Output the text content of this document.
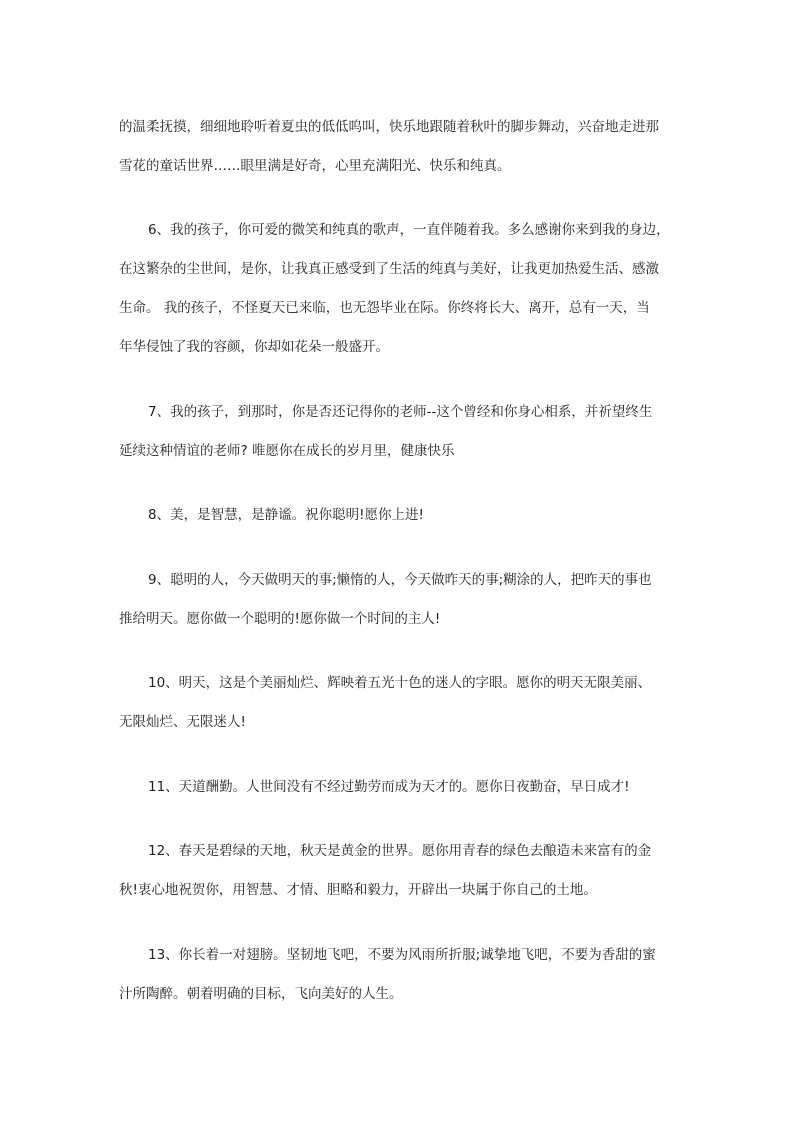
的温柔抚摸，细细地聆听着夏虫的低低呜叫，快乐地跟随着秋叶的脚步舞动，兴奋地走进那
雪花的童话世界……眼里满是好奇，心里充满阳光、快乐和纯真。
6、我的孩子，你可爱的微笑和纯真的歌声，一直伴随着我。多么感谢你来到我的身边，
在这繁杂的尘世间，是你，让我真正感受到了生活的纯真与美好，让我更加热爱生活、感激
生命。 我的孩子，不怪夏天已来临，也无怨毕业在际。你终将长大、离开，总有一天，当
年华侵蚀了我的容颜，你却如花朵一般盛开。
7、我的孩子，到那时，你是否还记得你的老师--这个曾经和你身心相系，并祈望终生
延续这种情谊的老师? 唯愿你在成长的岁月里，健康快乐
8、美，是智慧，是静谧。祝你聪明!愿你上进!
9、聪明的人，今天做明天的事;懒惰的人，今天做昨天的事;糊涂的人，把昨天的事也
推给明天。愿你做一个聪明的!愿你做一个时间的主人!
10、明天，这是个美丽灿烂、辉映着五光十色的迷人的字眼。愿你的明天无限美丽、
无限灿烂、无限迷人!
11、天道酬勤。人世间没有不经过勤劳而成为天才的。愿你日夜勤奋，早日成才!
12、春天是碧绿的天地，秋天是黄金的世界。愿你用青春的绿色去酿造未来富有的金
秋!衷心地祝贺你，用智慧、才情、胆略和毅力，开辟出一块属于你自己的土地。
13、你长着一对翅膀。坚韧地飞吧，不要为风雨所折服;诚挚地飞吧，不要为香甜的蜜
汁所陶醉。朝着明确的目标，飞向美好的人生。
